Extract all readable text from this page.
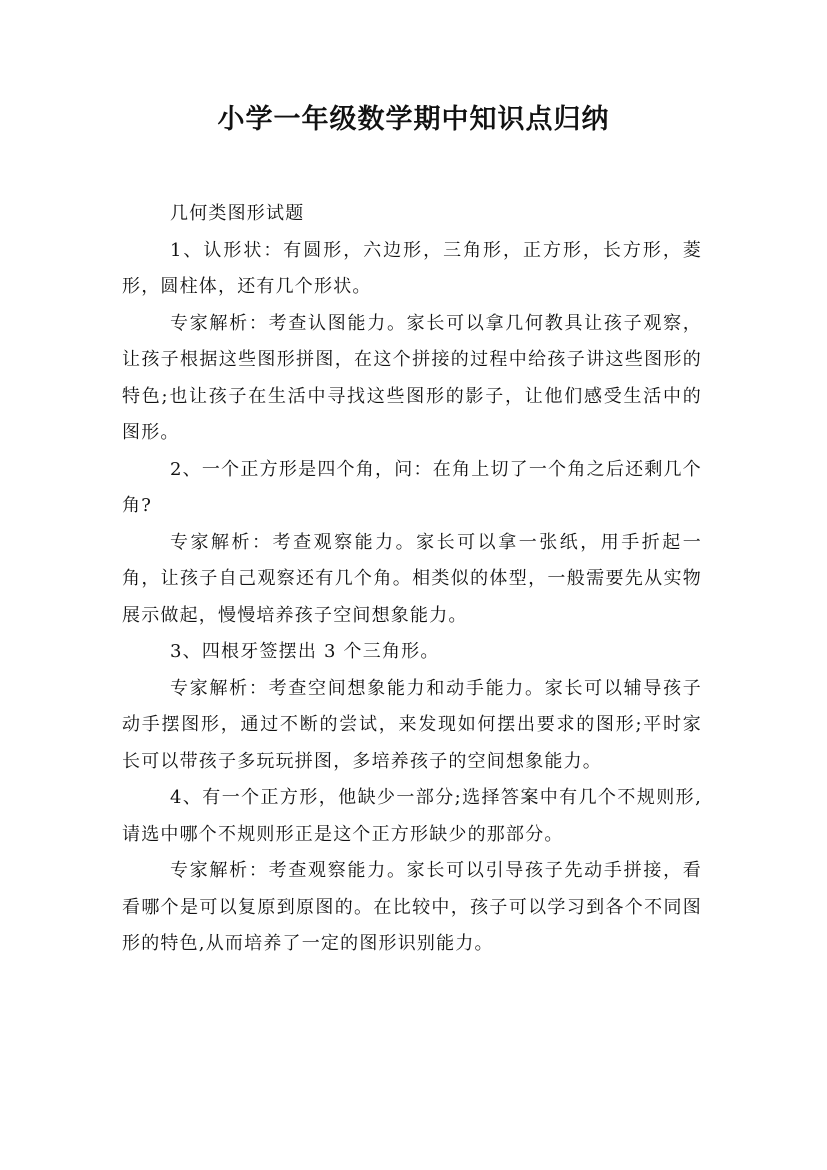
小学一年级数学期中知识点归纳

几何类图形试题

1、认形状：有圆形，六边形，三角形，正方形，长方形，菱形，圆柱体，还有几个形状。

专家解析：考查认图能力。家长可以拿几何教具让孩子观察，让孩子根据这些图形拼图，在这个拼接的过程中给孩子讲这些图形的特色;也让孩子在生活中寻找这些图形的影子，让他们感受生活中的图形。

2、一个正方形是四个角，问：在角上切了一个角之后还剩几个角?

专家解析：考查观察能力。家长可以拿一张纸，用手折起一角，让孩子自己观察还有几个角。相类似的体型，一般需要先从实物展示做起，慢慢培养孩子空间想象能力。

3、四根牙签摆出 3 个三角形。

专家解析：考查空间想象能力和动手能力。家长可以辅导孩子动手摆图形，通过不断的尝试，来发现如何摆出要求的图形;平时家长可以带孩子多玩玩拼图，多培养孩子的空间想象能力。

4、有一个正方形，他缺少一部分;选择答案中有几个不规则形,请选中哪个不规则形正是这个正方形缺少的那部分。

专家解析：考查观察能力。家长可以引导孩子先动手拼接，看看哪个是可以复原到原图的。在比较中，孩子可以学习到各个不同图形的特色,从而培养了一定的图形识别能力。
